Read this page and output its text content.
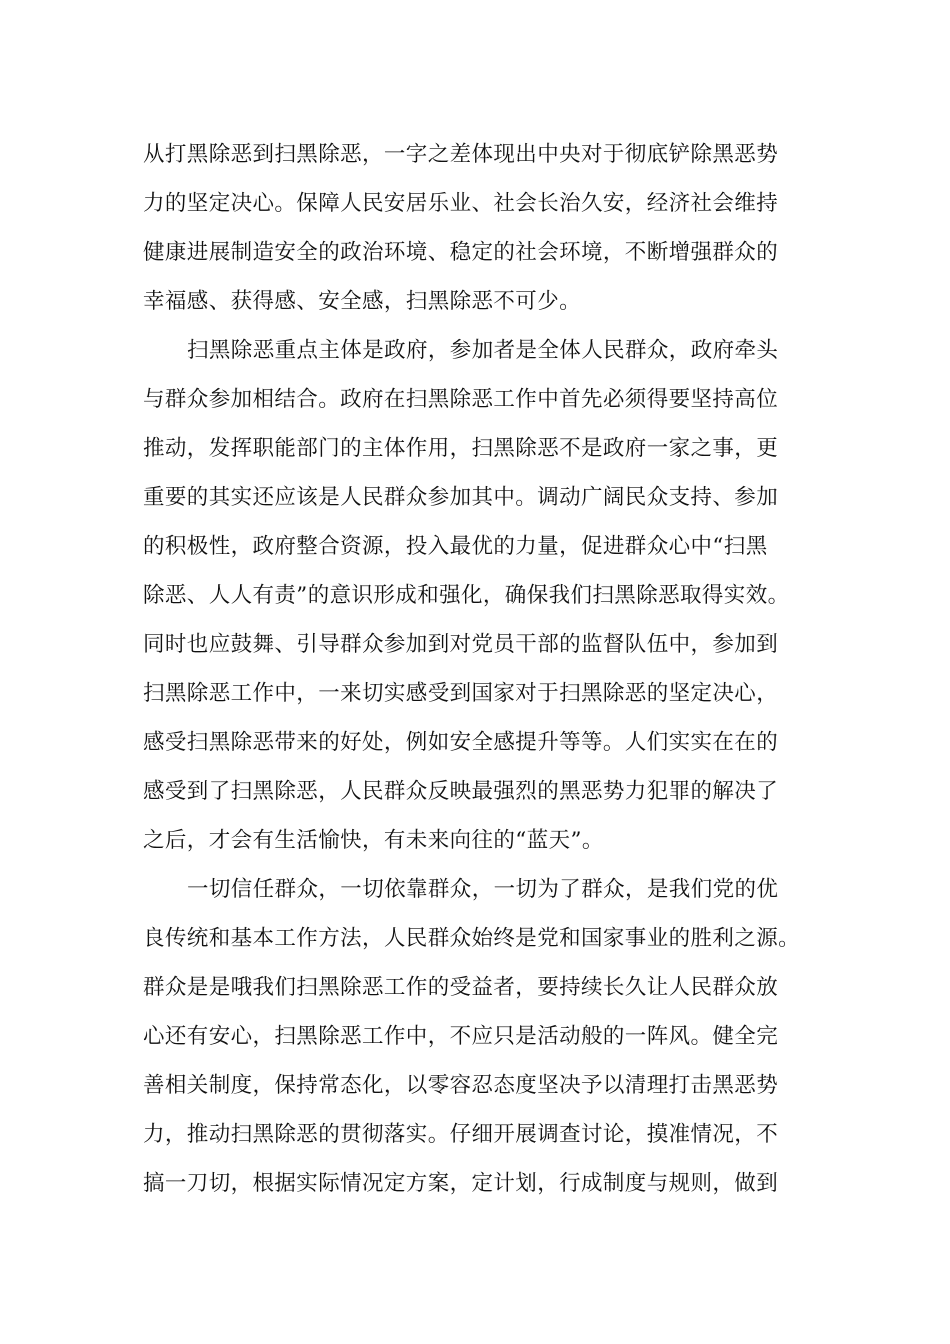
从打黑除恶到扫黑除恶，一字之差体现出中央对于彻底铲除黑恶势
力的坚定决心。保障人民安居乐业、社会长治久安，经济社会维持
健康进展制造安全的政治环境、稳定的社会环境，不断增强群众的
幸福感、获得感、安全感，扫黑除恶不可少。
扫黑除恶重点主体是政府，参加者是全体人民群众，政府牵头
与群众参加相结合。政府在扫黑除恶工作中首先必须得要坚持高位
推动，发挥职能部门的主体作用，扫黑除恶不是政府一家之事，更
重要的其实还应该是人民群众参加其中。调动广阔民众支持、参加
的积极性，政府整合资源，投入最优的力量，促进群众心中“扫黑
除恶、人人有责”的意识形成和强化，确保我们扫黑除恶取得实效。
同时也应鼓舞、引导群众参加到对党员干部的监督队伍中，参加到
扫黑除恶工作中，一来切实感受到国家对于扫黑除恶的坚定决心，
感受扫黑除恶带来的好处，例如安全感提升等等。人们实实在在的
感受到了扫黑除恶，人民群众反映最强烈的黑恶势力犯罪的解决了
之后，才会有生活愉快，有未来向往的“蓝天”。
一切信任群众，一切依靠群众，一切为了群众，是我们党的优
良传统和基本工作方法，人民群众始终是党和国家事业的胜利之源。
群众是是哦我们扫黑除恶工作的受益者，要持续长久让人民群众放
心还有安心，扫黑除恶工作中，不应只是活动般的一阵风。健全完
善相关制度，保持常态化，以零容忍态度坚决予以清理打击黑恶势
力，推动扫黑除恶的贯彻落实。仔细开展调查讨论，摸准情况，不
搞一刀切，根据实际情况定方案，定计划，行成制度与规则，做到
